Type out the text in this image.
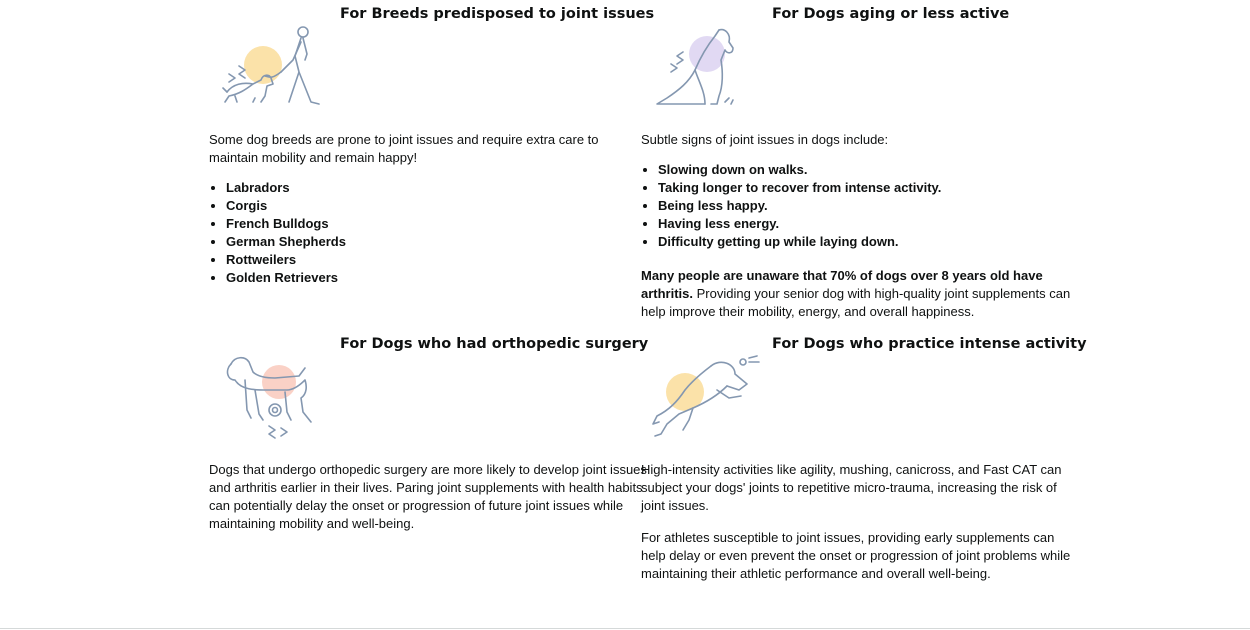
For Breeds predisposed to joint issues

Some dog breeds are prone to joint issues and require extra care to maintain mobility and remain happy!

• Labradors
• Corgis
• French Bulldogs
• German Shepherds
• Rottweilers
• Golden Retrievers
For Dogs aging or less active

Subtle signs of joint issues in dogs include:

• Slowing down on walks.
• Taking longer to recover from intense activity.
• Being less happy.
• Having less energy.
• Difficulty getting up while laying down.

Many people are unaware that 70% of dogs over 8 years old have arthritis. Providing your senior dog with high-quality joint supplements can help improve their mobility, energy, and overall happiness.

For Dogs who had orthopedic surgery

Dogs that undergo orthopedic surgery are more likely to develop joint issues and arthritis earlier in their lives. Paring joint supplements with health habits can potentially delay the onset or progression of future joint issues while maintaining mobility and well-being.

For Dogs who practice intense activity

High-intensity activities like agility, mushing, canicross, and Fast CAT can subject your dogs' joints to repetitive micro-trauma, increasing the risk of joint issues.

For athletes susceptible to joint issues, providing early supplements can help delay or even prevent the onset or progression of joint problems while maintaining their athletic performance and overall well-being.
